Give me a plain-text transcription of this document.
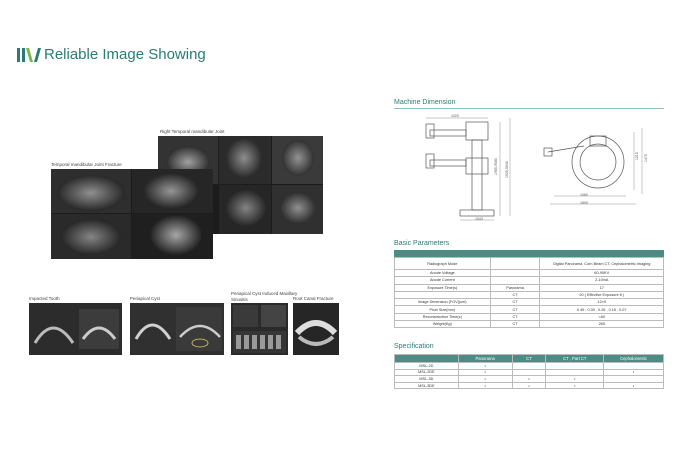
Reliable Image Showing
Right Temporal mandibular Joint
Temporal mandibular Joint Fracture
Impacted Tooth	Periapical Cyst
Periapical Cyst Induced Maxillary Sinusitis	Root Canal Fracture
Machine Dimension
1985-9580 1925-5640
1020
1043
1060
1800
1210 1475
Basic Parameters
Radiograph Mode		Digital Panorama, Corn Beam CT, Cephalometric Imaging
Anode Voltage		60-90KV
Anode Current		2-10mA
Exposure Time(s)	Panorama	17
	CT	20 ( Effective Exposure 8 )
Image Dimension (FOV)(cm)	CT	12×9
Pixel Size(mm)	CT	0.45 , 0.30 , 0.26 , 0.15 , 0.07
Reconstruction Time(s)	CT	<60
Weight(Kg)	CT	265
Specification
	Panorama	CT	CT , Part CT	Cephalometric
MSL-2D	•			
MSL-2DE	•			•
MSL-3D	•	•	•	
MSL-3DE	•	•	•	•
